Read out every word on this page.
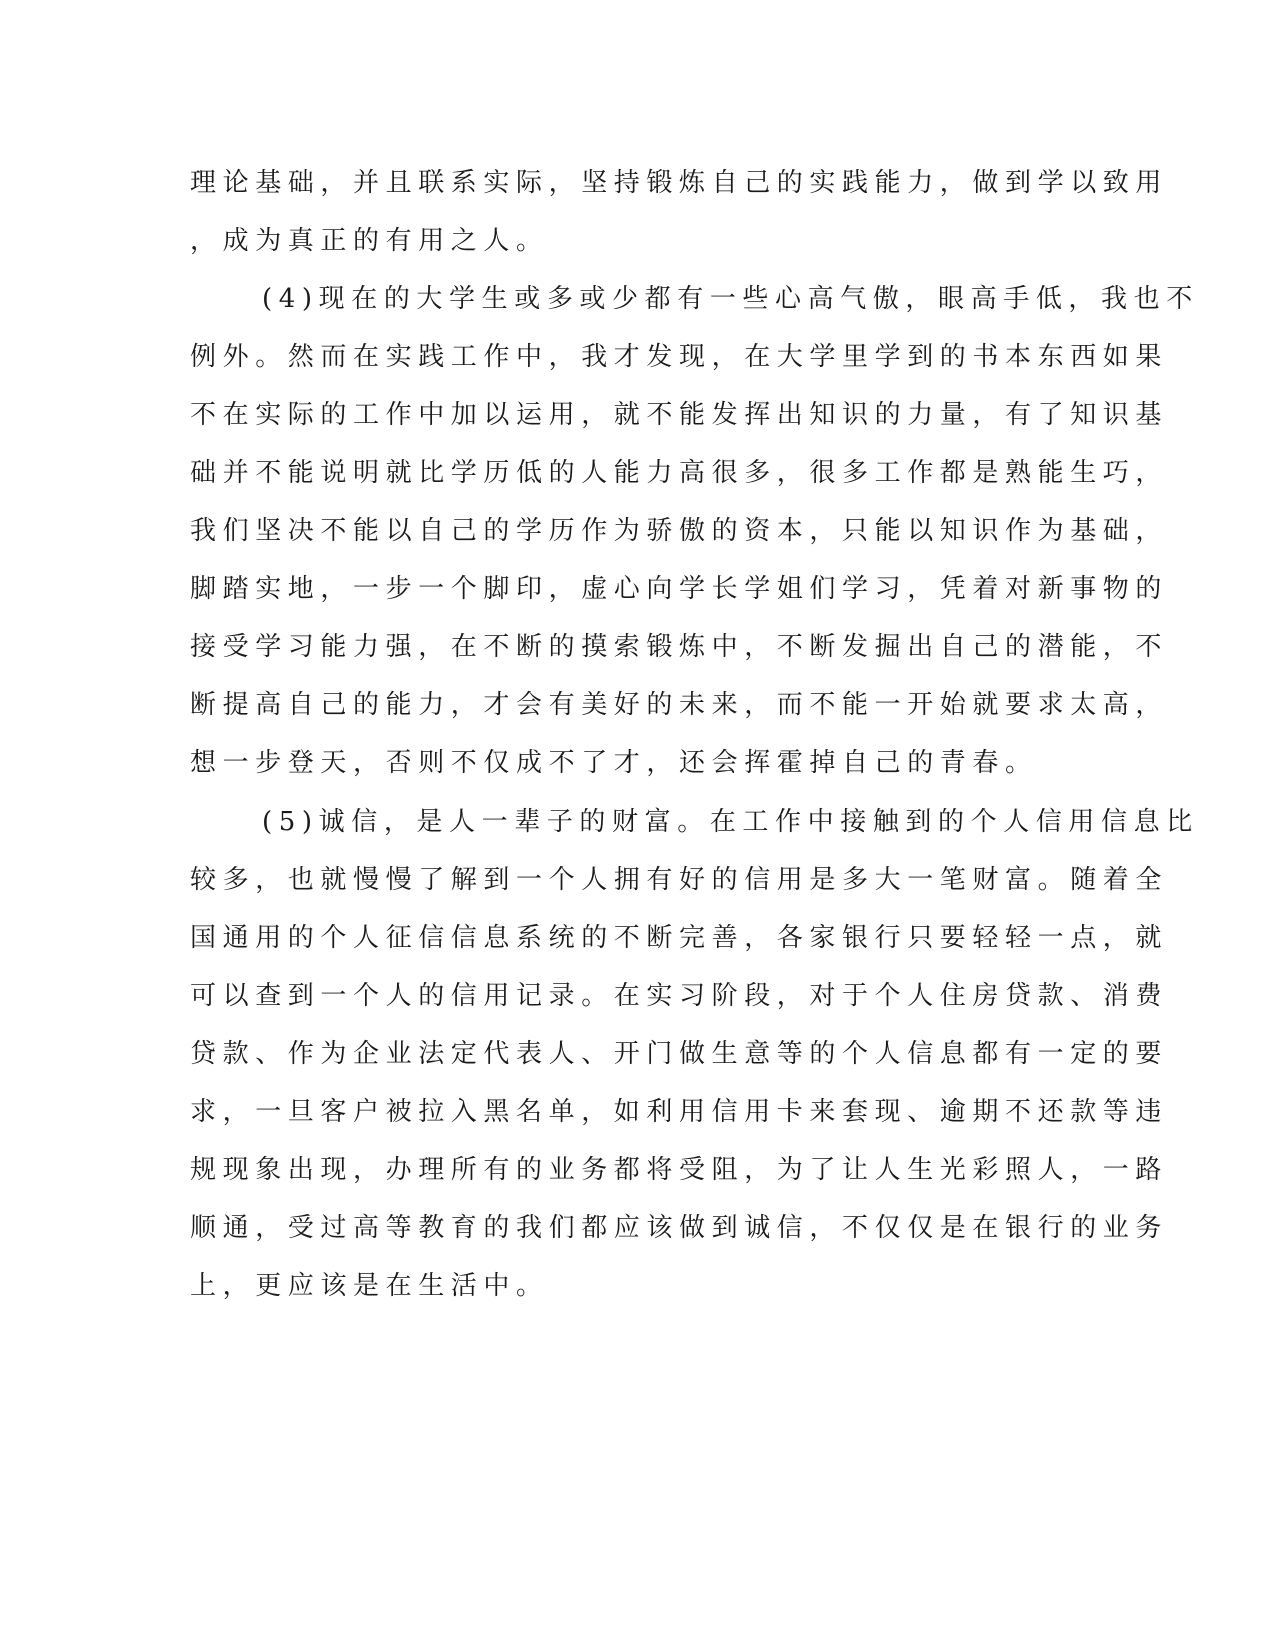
理论基础，并且联系实际，坚持锻炼自己的实践能力，做到学以致用
，成为真正的有用之人。
(4)现在的大学生或多或少都有一些心高气傲，眼高手低，我也不
例外。然而在实践工作中，我才发现，在大学里学到的书本东西如果
不在实际的工作中加以运用，就不能发挥出知识的力量，有了知识基
础并不能说明就比学历低的人能力高很多，很多工作都是熟能生巧，
我们坚决不能以自己的学历作为骄傲的资本，只能以知识作为基础，
脚踏实地，一步一个脚印，虚心向学长学姐们学习，凭着对新事物的
接受学习能力强，在不断的摸索锻炼中，不断发掘出自己的潜能，不
断提高自己的能力，才会有美好的未来，而不能一开始就要求太高，
想一步登天，否则不仅成不了才，还会挥霍掉自己的青春。
(5)诚信，是人一辈子的财富。在工作中接触到的个人信用信息比
较多，也就慢慢了解到一个人拥有好的信用是多大一笔财富。随着全
国通用的个人征信信息系统的不断完善，各家银行只要轻轻一点，就
可以查到一个人的信用记录。在实习阶段，对于个人住房贷款、消费
贷款、作为企业法定代表人、开门做生意等的个人信息都有一定的要
求，一旦客户被拉入黑名单，如利用信用卡来套现、逾期不还款等违
规现象出现，办理所有的业务都将受阻，为了让人生光彩照人，一路
顺通，受过高等教育的我们都应该做到诚信，不仅仅是在银行的业务
上，更应该是在生活中。
